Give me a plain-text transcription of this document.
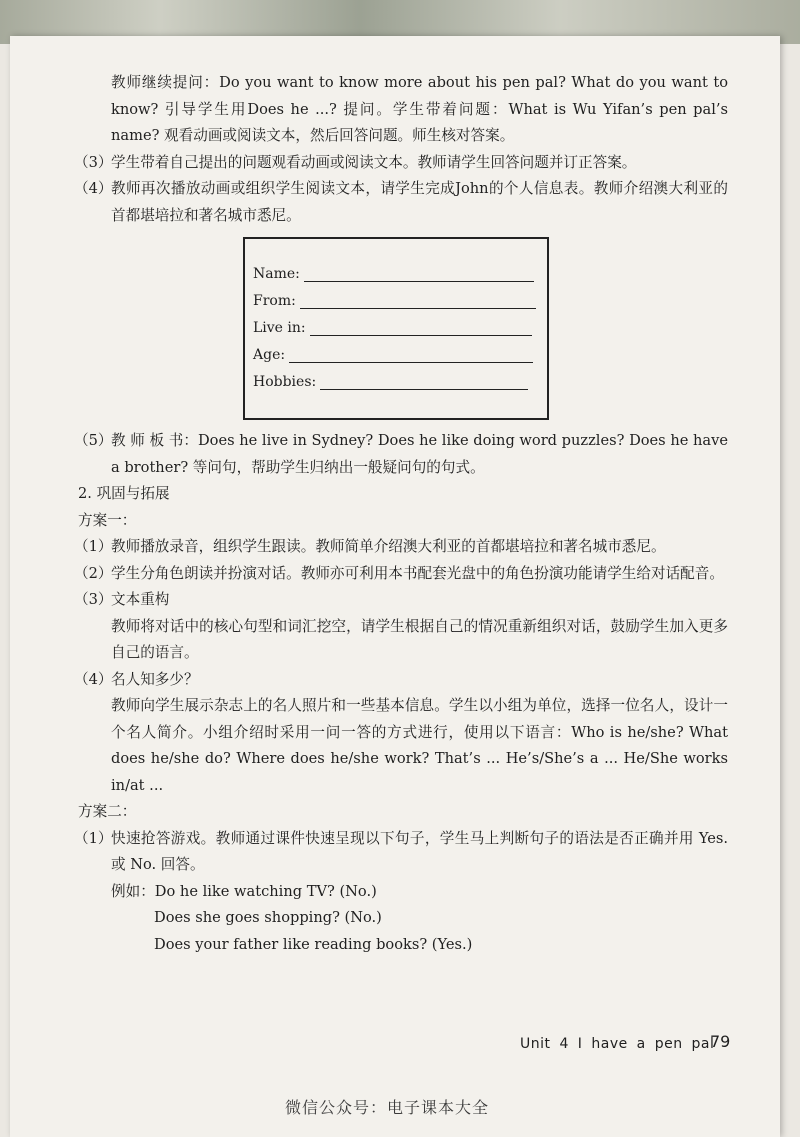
教师继续提问：Do you want to know more about his pen pal? What do you want to know? 引导学生用Does he ...? 提问。学生带着问题：What is Wu Yifan’s pen pal’s name? 观看动画或阅读文本，然后回答问题。师生核对答案。

（3）
学生带着自己提出的问题观看动画或阅读文本。教师请学生回答问题并订正答案。

（4）
教师再次播放动画或组织学生阅读文本，请学生完成John的个人信息表。教师介绍澳大利亚的首都堪培拉和著名城市悉尼。

Name:
From:
Live in:
Age:
Hobbies:

（5）
教 师 板 书：Does he live in Sydney? Does he like doing word puzzles? Does he have a brother? 等问句，帮助学生归纳出一般疑问句的句式。

2. 巩固与拓展

方案一：

（1）
教师播放录音，组织学生跟读。教师简单介绍澳大利亚的首都堪培拉和著名城市悉尼。

（2）
学生分角色朗读并扮演对话。教师亦可利用本书配套光盘中的角色扮演功能请学生给对话配音。

（3）
文本重构

教师将对话中的核心句型和词汇挖空，请学生根据自己的情况重新组织对话，鼓励学生加入更多自己的语言。

（4）
名人知多少？

教师向学生展示杂志上的名人照片和一些基本信息。学生以小组为单位，选择一位名人，设计一个名人简介。小组介绍时采用一问一答的方式进行，使用以下语言：Who is he/she? What does he/she do? Where does he/she work? That’s ... He’s/She’s a ... He/She works in/at ...

方案二：

（1）
快速抢答游戏。教师通过课件快速呈现以下句子，学生马上判断句子的语法是否正确并用 Yes. 或 No. 回答。

例如：Do he like watching TV? (No.)
Does she goes shopping? (No.)
Does your father like reading books? (Yes.)
Unit 4 I have a pen pal
79
微信公众号：电子课本大全
